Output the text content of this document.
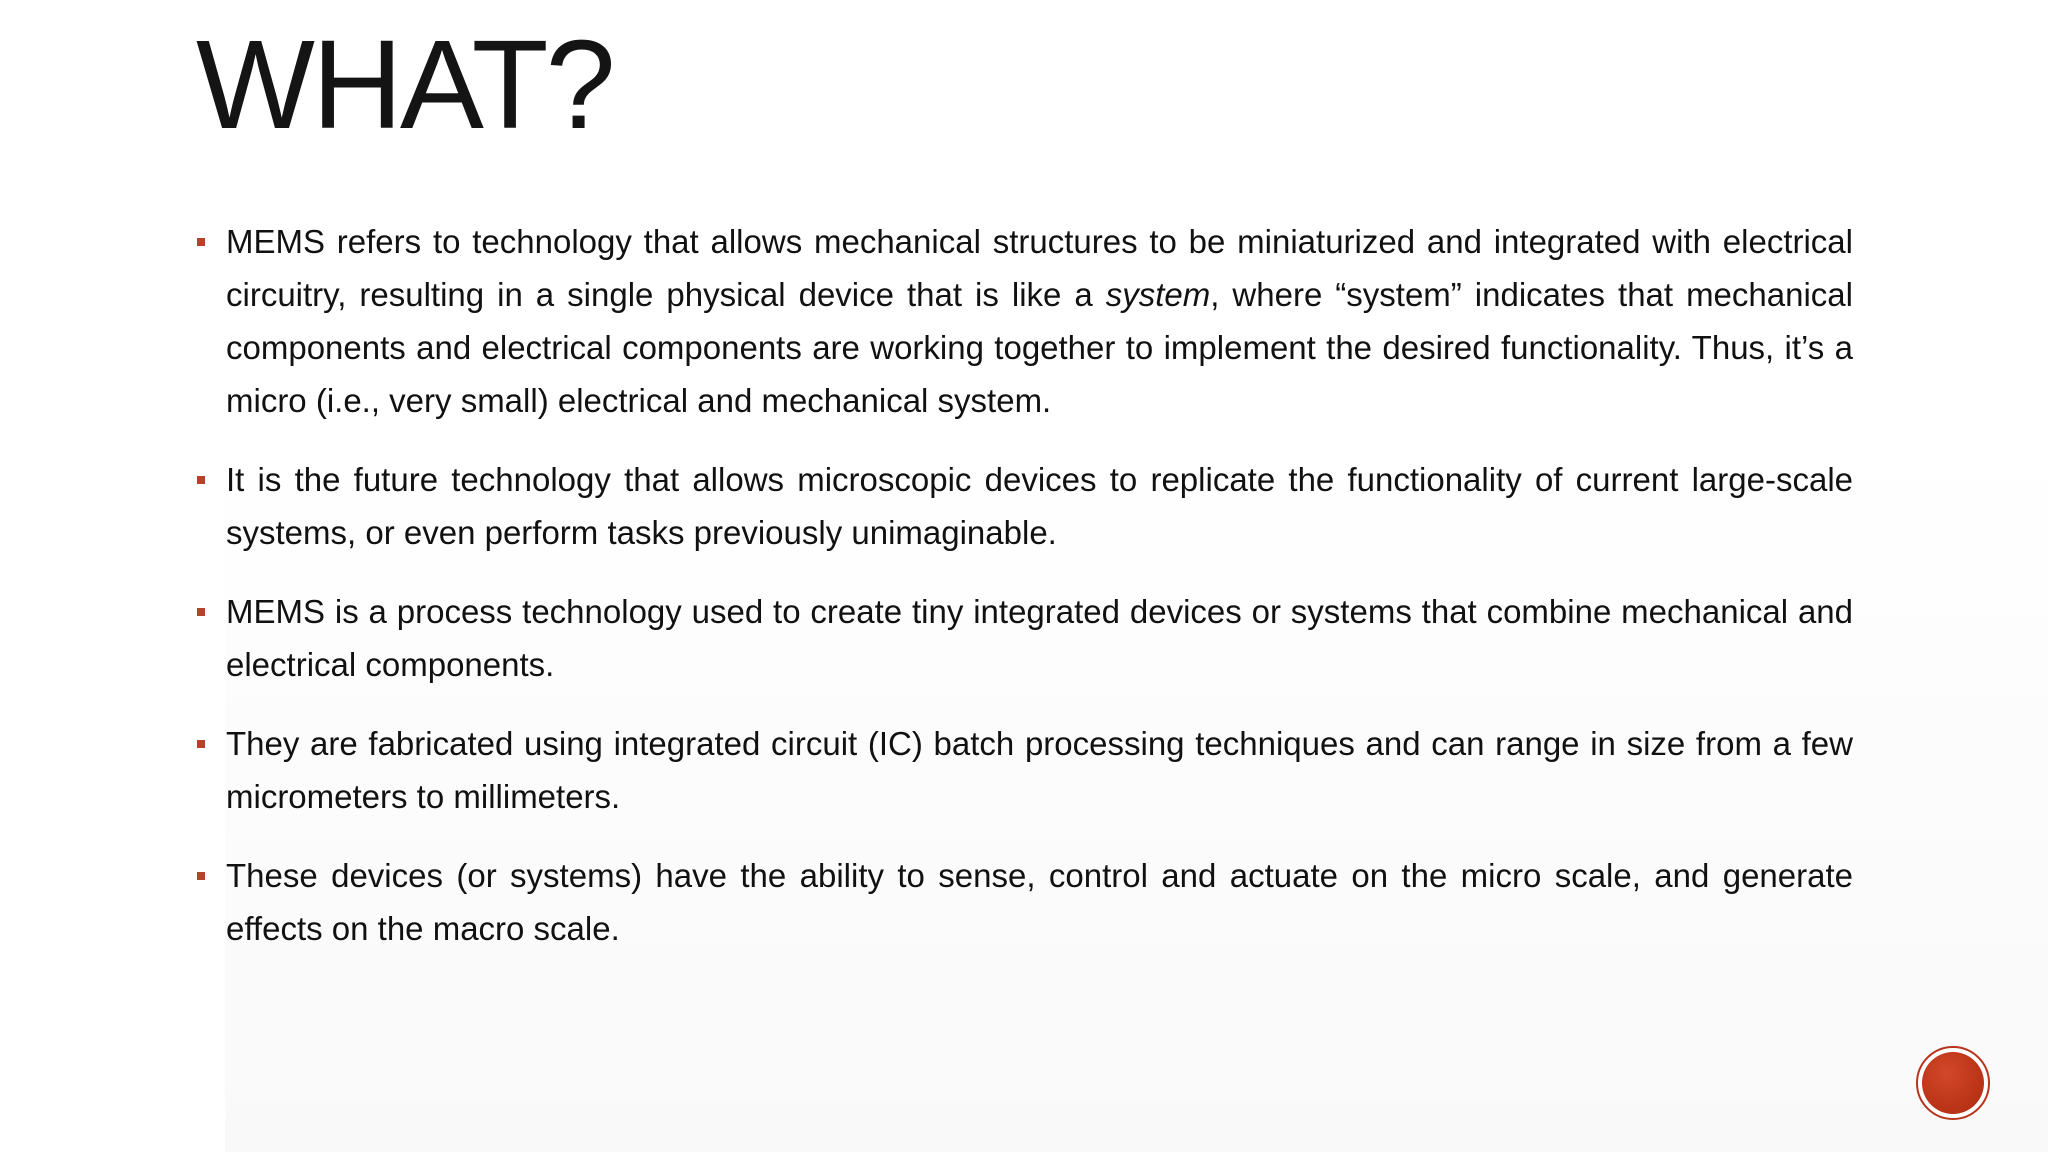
WHAT?
MEMS refers to technology that allows mechanical structures to be miniaturized and integrated with electrical circuitry, resulting in a single physical device that is like a system, where “system” indicates that mechanical components and electrical components are working together to implement the desired functionality. Thus, it’s a micro (i.e., very small) electrical and mechanical system.
It is the future technology that allows microscopic devices to replicate the functionality of current large-scale systems, or even perform tasks previously unimaginable.
MEMS is a process technology used to create tiny integrated devices or systems that combine mechanical and electrical components.
They are fabricated using integrated circuit (IC) batch processing techniques and can range in size from a few micrometers to millimeters.
These devices (or systems) have the ability to sense, control and actuate on the micro scale, and generate effects on the macro scale.
